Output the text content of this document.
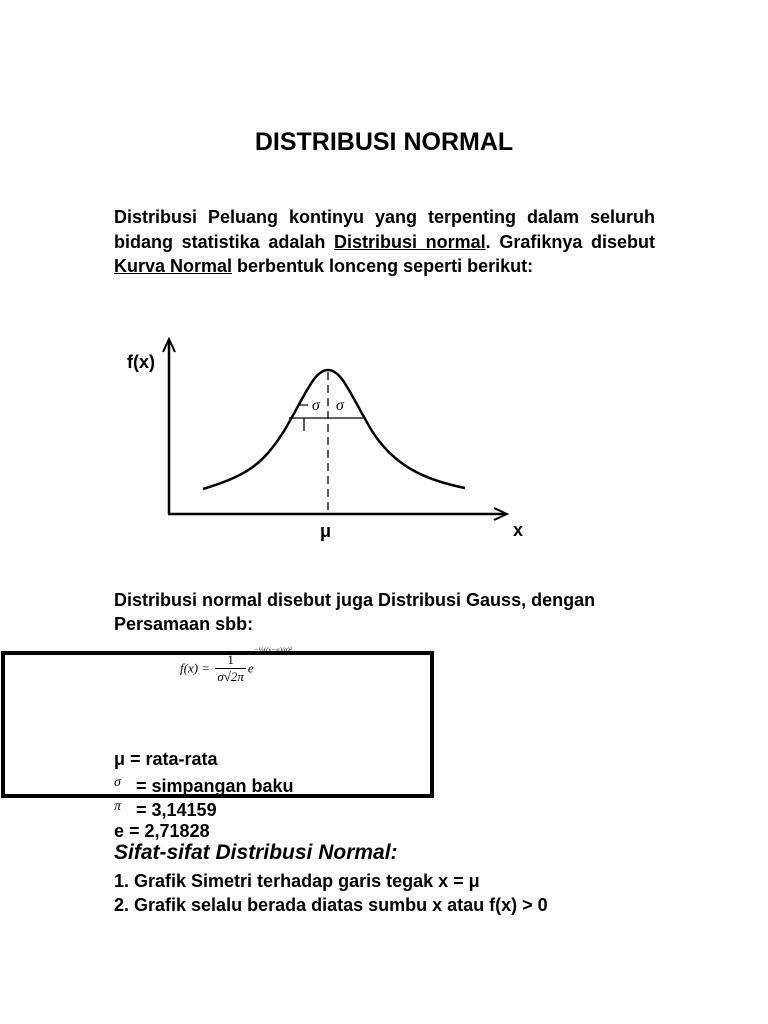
DISTRIBUSI NORMAL

Distribusi Peluang kontinyu yang terpenting dalam seluruh bidang statistika adalah Distribusi normal. Grafiknya disebut Kurva Normal berbentuk lonceng seperti berikut:

f(x)
x
μ
σ σ

Distribusi normal disebut juga Distribusi Gauss, dengan Persamaan sbb:

$f(x) = \frac{1}{\sigma√2\pi}$ e−½((x−μ)/σ)²
μ = rata-rata
σ = simpangan baku
π = 3,14159
e = 2,71828
Sifat-sifat Distribusi Normal:
1. Grafik Simetri terhadap garis tegak x = μ
2. Grafik selalu berada diatas sumbu x atau f(x) > 0
